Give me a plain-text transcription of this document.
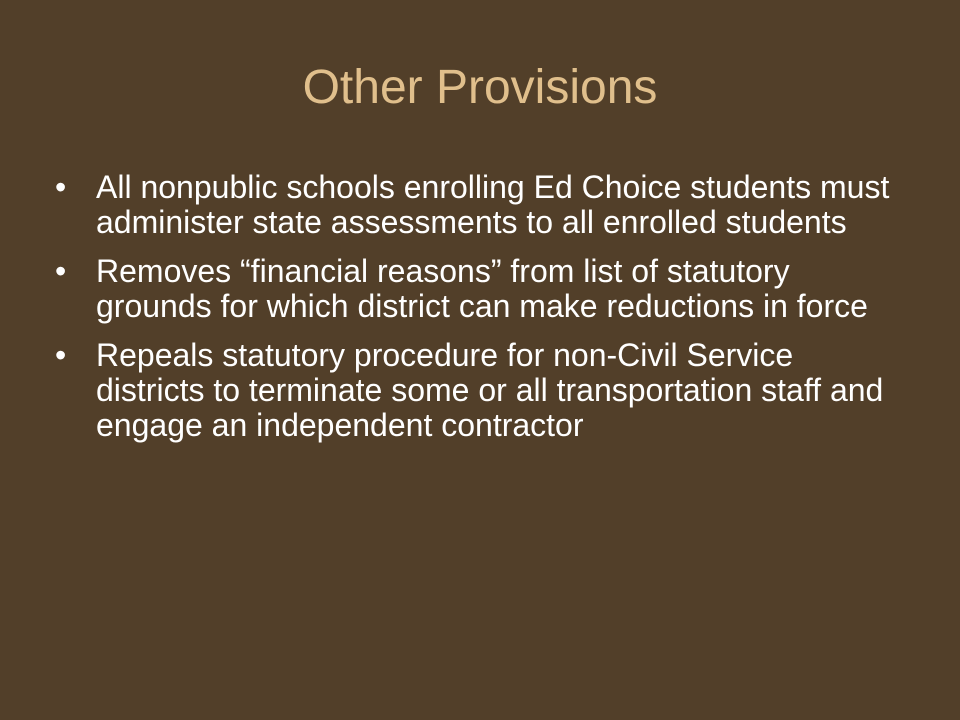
Other Provisions
• All nonpublic schools enrolling Ed Choice students must administer state assessments to all enrolled students
• Removes “financial reasons” from list of statutory grounds for which district can make reductions in force
• Repeals statutory procedure for non-Civil Service districts to terminate some or all transportation staff and engage an independent contractor
